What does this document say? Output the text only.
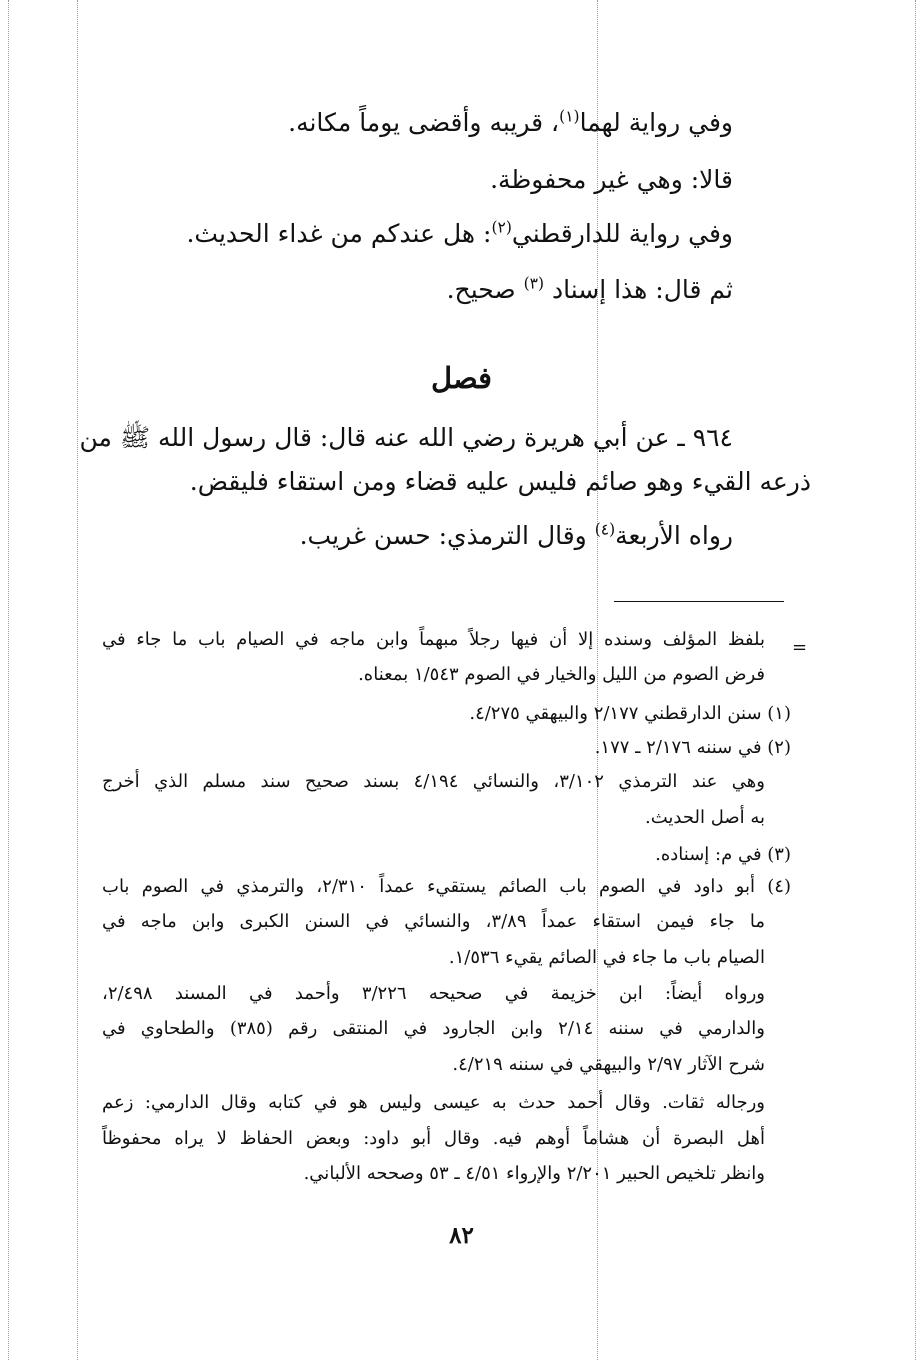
وفي رواية لهما$^{(١)}$، قريبه وأقضى يوماً مكانه.

قالا: وهي غير محفوظة.

وفي رواية للدارقطني$^{(٢)}$: هل عندكم من غداء الحديث.

ثم قال: هذا إسناد $^{(٣)}$ صحيح.

فصل

٩٦٤ ـ عن أبي هريرة رضي الله عنه قال: قال رسول الله ﷺ من

ذرعه القيء وهو صائم فليس عليه قضاء ومن استقاء فليقض.

رواه الأربعة$^{(٤)}$ وقال الترمذي: حسن غريب.

=

بلفظ المؤلف وسنده إلا أن فيها رجلاً مبهماً وابن ماجه في الصيام باب ما جاء في

فرض الصوم من الليل والخيار في الصوم ١/٥٤٣ بمعناه.

(١) سنن الدارقطني ٢/١٧٧ والبيهقي ٤/٢٧٥.

(٢) في سننه ٢/١٧٦ ـ ١٧٧.

وهي عند الترمذي ٣/١٠٢، والنسائي ٤/١٩٤ بسند صحيح سند مسلم الذي أخرج

به أصل الحديث.

(٣) في م: إسناده.

(٤) أبو داود في الصوم باب الصائم يستقيء عمداً ٢/٣١٠، والترمذي في الصوم باب

ما جاء فيمن استقاء عمداً ٣/٨٩، والنسائي في السنن الكبرى وابن ماجه في

الصيام باب ما جاء في الصائم يقيء ١/٥٣٦.

ورواه أيضاً: ابن خزيمة في صحيحه ٣/٢٢٦ وأحمد في المسند ٢/٤٩٨،

والدارمي في سننه ٢/١٤ وابن الجارود في المنتقى رقم (٣٨٥) والطحاوي في

شرح الآثار ٢/٩٧ والبيهقي في سننه ٤/٢١٩.

ورجاله ثقات. وقال أحمد حدث به عيسى وليس هو في كتابه وقال الدارمي: زعم

أهل البصرة أن هشاماً أوهم فيه. وقال أبو داود: وبعض الحفاظ لا يراه محفوظاً

وانظر تلخيص الحبير ٢/٢٠١ والإرواء ٤/٥١ ـ ٥٣ وصححه الألباني.

٨٢
